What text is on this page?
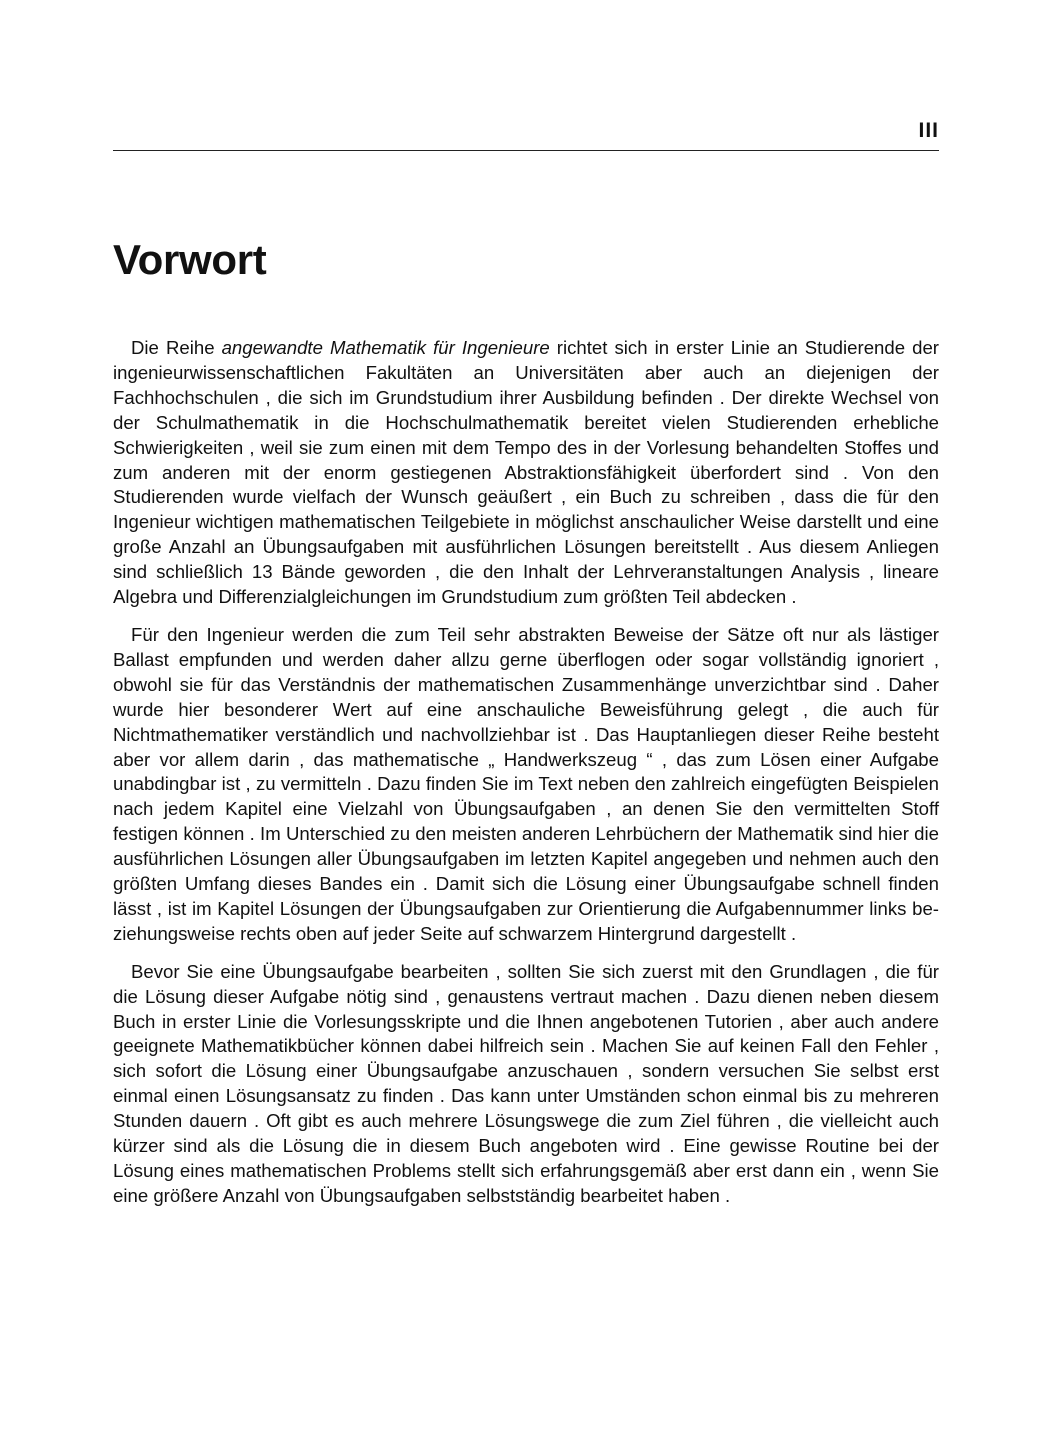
III
Vorwort

Die Reihe angewandte Mathematik für Ingenieure richtet sich in erster Linie an Studierende der ingenieurwissenschaftlichen Fakultäten an Universitäten aber auch an diejenigen der Fachhochschulen , die sich im Grundstudium ihrer Ausbildung befinden . Der direkte Wechsel von der Schulmathematik in die Hochschulmathematik bereitet vielen Studierenden erhebliche Schwierigkeiten , weil sie zum einen mit dem Tempo des in der Vorlesung behandelten Stoffes und zum anderen mit der enorm gestiegenen Abstraktionsfähigkeit überfordert sind . Von den Studierenden wurde vielfach der Wunsch geäußert , ein Buch zu schreiben , dass die für den Ingenieur wichtigen mathematischen Teilgebiete in möglichst anschaulicher Weise darstellt und eine große Anzahl an Übungsaufgaben mit ausführlichen Lösungen bereitstellt . Aus diesem Anliegen sind schließlich 13 Bände geworden , die den Inhalt der Lehrveranstaltungen Analysis , lineare Algebra und Differenzialgleichungen im Grundstudium zum größten Teil abdecken .

Für den Ingenieur werden die zum Teil sehr abstrakten Beweise der Sätze oft nur als lästiger Ballast empfunden und werden daher allzu gerne überflogen oder sogar vollständig ignoriert , obwohl sie für das Verständnis der mathematischen Zusammenhänge unverzichtbar sind . Daher wurde hier besonderer Wert auf eine anschauliche Beweisführung gelegt , die auch für Nichtmathematiker verständlich und nachvollziehbar ist . Das Hauptanliegen dieser Reihe besteht aber vor allem darin , das mathematische „ Handwerkszeug “ , das zum Lösen einer Aufgabe unabdingbar ist , zu vermitteln . Dazu finden Sie im Text neben den zahlreich eingefügten Beispielen nach jedem Kapitel eine Vielzahl von Übungsaufgaben , an denen Sie den vermittelten Stoff festigen können . Im Unterschied zu den meisten anderen Lehrbüchern der Mathematik sind hier die ausführlichen Lösungen aller Übungsaufgaben im letzten Kapitel angegeben und nehmen auch den größten Umfang dieses Bandes ein . Damit sich die Lösung einer Übungsaufgabe schnell finden lässt , ist im Kapitel Lösungen der Übungsaufgaben zur Orientierung die Aufgabennummer links beziehungsweise rechts oben auf jeder Seite auf schwarzem Hintergrund dargestellt .

Bevor Sie eine Übungsaufgabe bearbeiten , sollten Sie sich zuerst mit den Grundlagen , die für die Lösung dieser Aufgabe nötig sind , genaustens vertraut machen . Dazu dienen neben diesem Buch in erster Linie die Vorlesungsskripte und die Ihnen angebotenen Tutorien , aber auch andere geeignete Mathematikbücher können dabei hilfreich sein . Machen Sie auf keinen Fall den Fehler , sich sofort die Lösung einer Übungsaufgabe anzuschauen , sondern versuchen Sie selbst erst einmal einen Lösungsansatz zu finden . Das kann unter Umständen schon einmal bis zu mehreren Stunden dauern . Oft gibt es auch mehrere Lösungswege die zum Ziel führen , die vielleicht auch kürzer sind als die Lösung die in diesem Buch angeboten wird . Eine gewisse Routine bei der Lösung eines mathematischen Problems stellt sich erfahrungsgemäß aber erst dann ein , wenn Sie eine größere Anzahl von Übungsaufgaben selbstständig bearbeitet haben .
